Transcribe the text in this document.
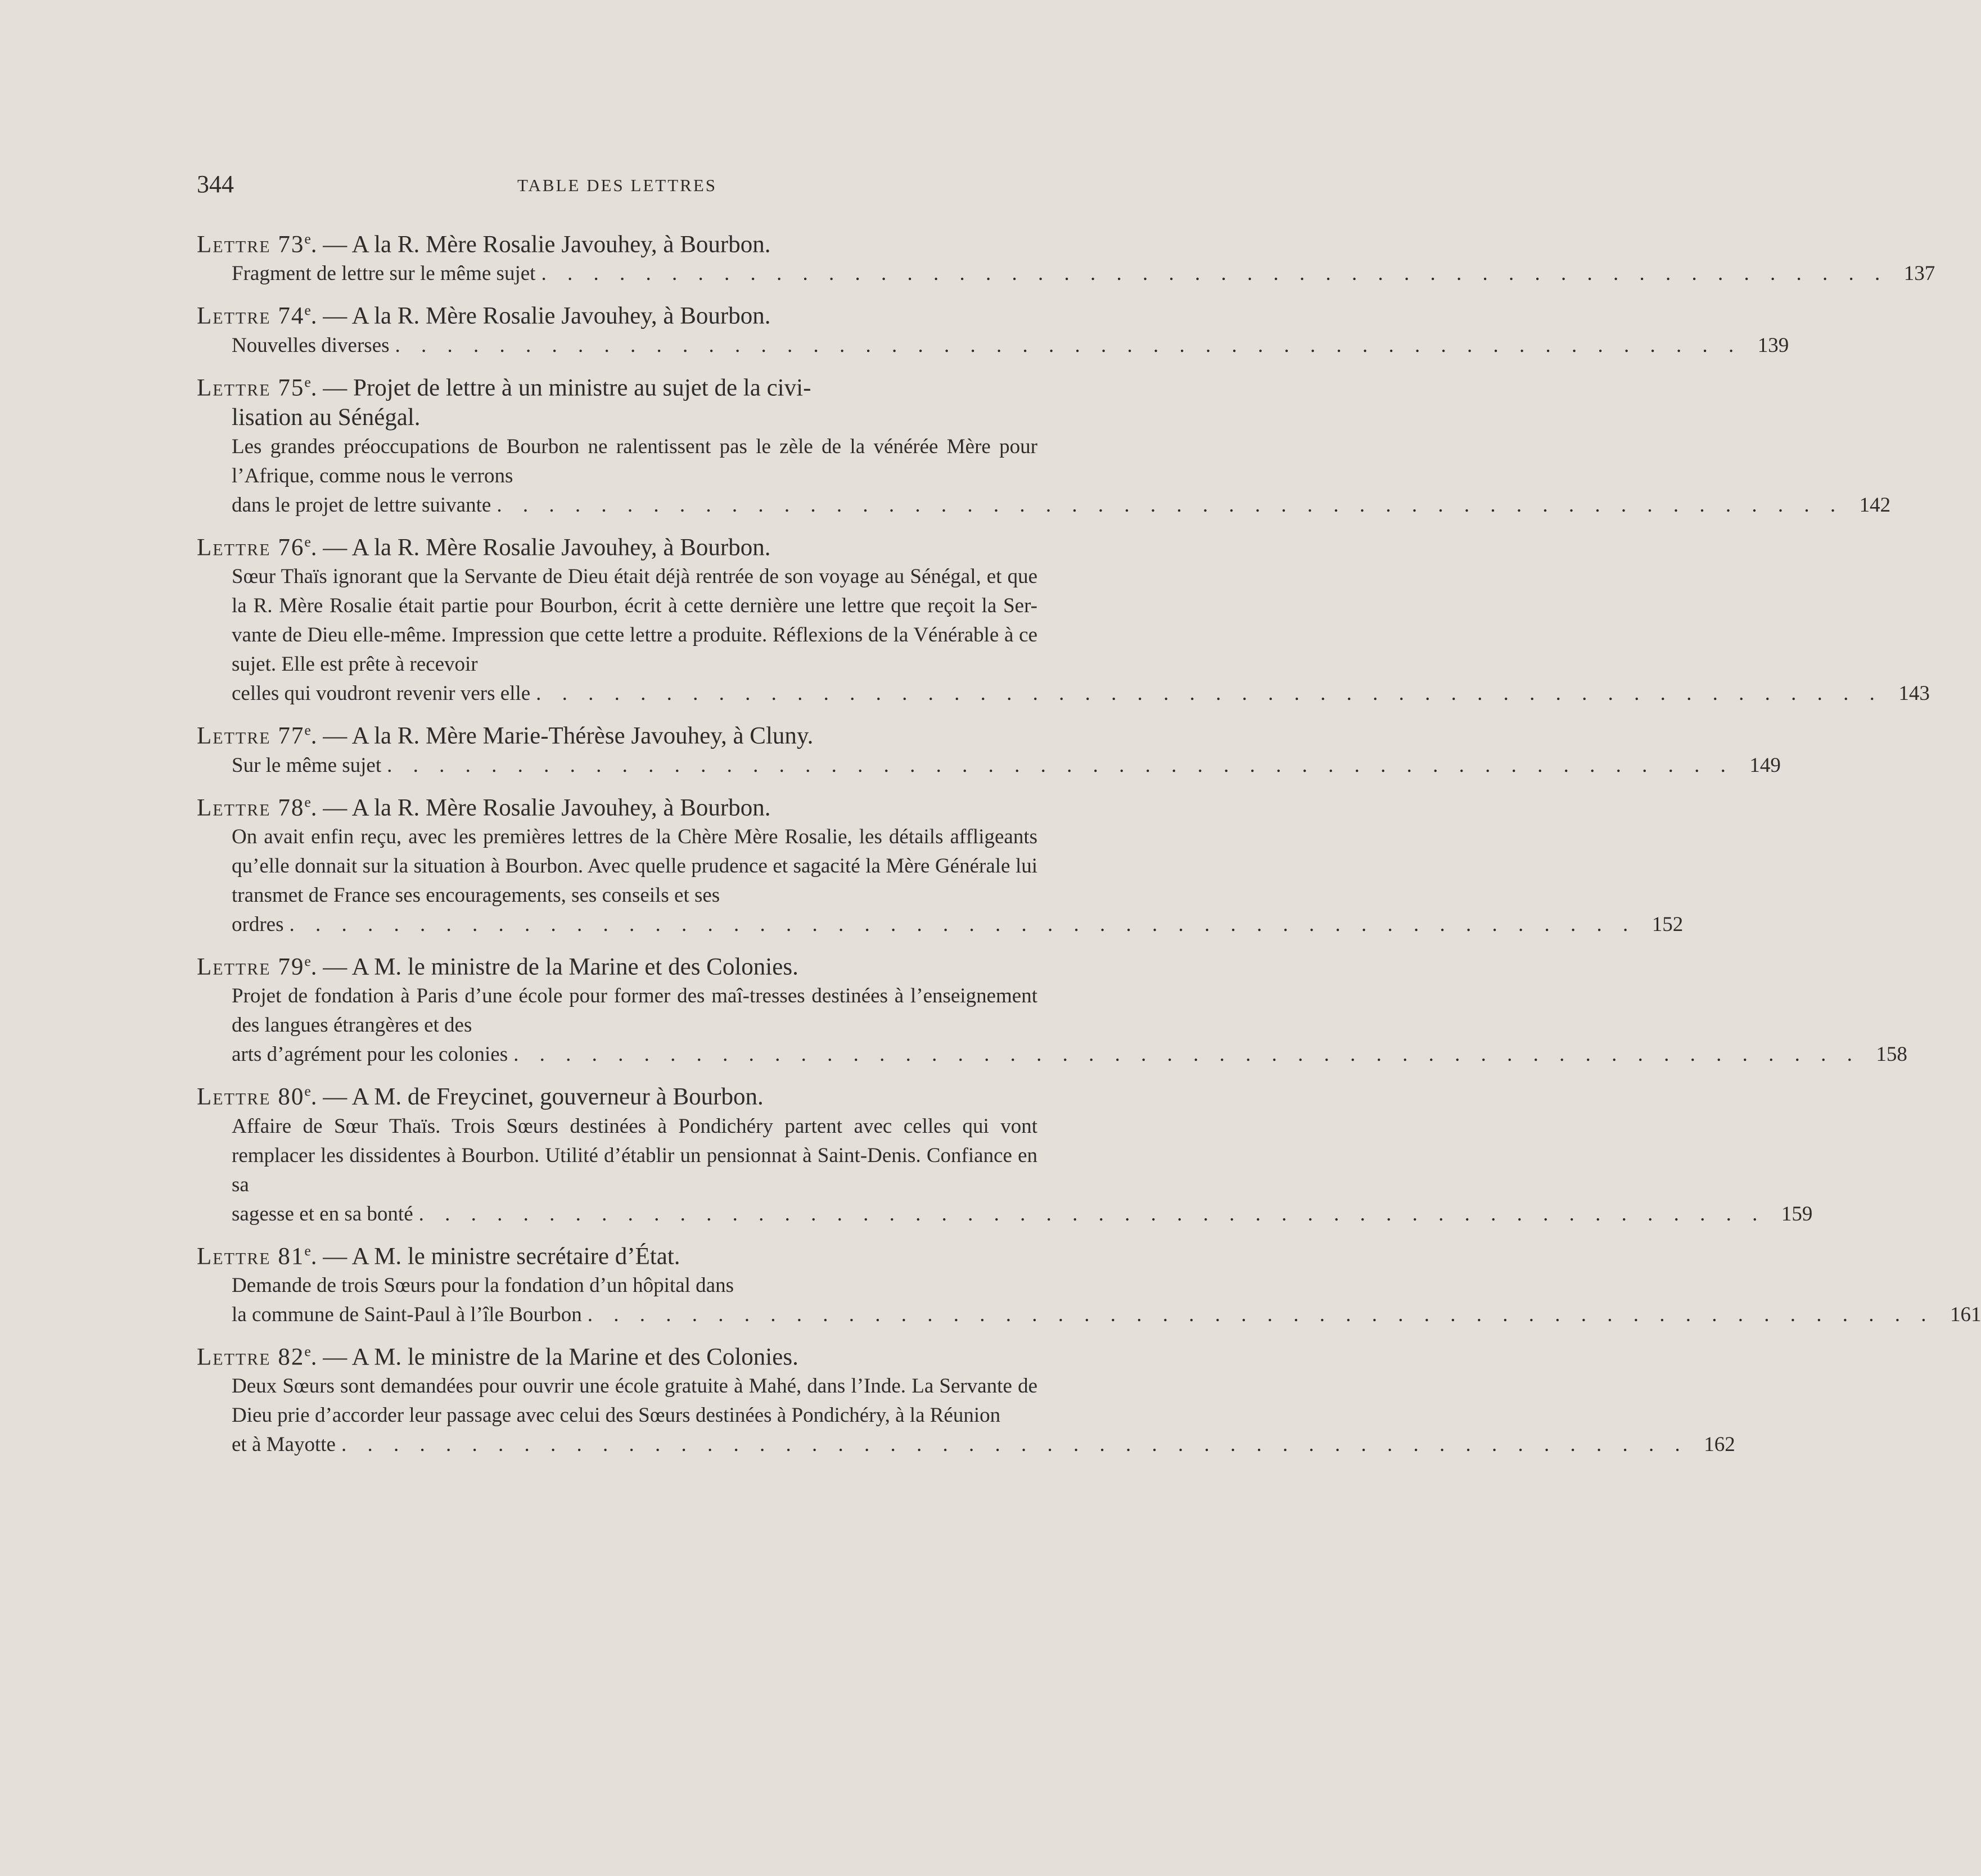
344	TABLE DES LETTRES

Lettre 73e. — A la R. Mère Rosalie Javouhey, à Bourbon.

Fragment de lettre sur le même sujet . . . . . . . . . . . . . . . . . . . . . . . . . . . . . . . . . . . . . . . . . . . . . . . . . . . . 137

Lettre 74e. — A la R. Mère Rosalie Javouhey, à Bourbon.

Nouvelles diverses . . . . . . . . . . . . . . . . . . . . . . . . . . . . . . . . . . . . . . . . . . . . . . . . . . . . 139

Lettre 75e. — Projet de lettre à un ministre au sujet de la civi-

lisation au Sénégal.

Les grandes préoccupations de Bourbon ne ralentissent pas le zèle de la vénérée Mère pour l’Afrique, comme nous le verrons

dans le projet de lettre suivante . . . . . . . . . . . . . . . . . . . . . . . . . . . . . . . . . . . . . . . . . . . . . . . . . . . . 142

Lettre 76e. — A la R. Mère Rosalie Javouhey, à Bourbon.

Sœur Thaïs ignorant que la Servante de Dieu était déjà rentrée de son voyage au Sénégal, et que la R. Mère Rosalie était partie pour Bourbon, écrit à cette dernière une lettre que reçoit la Ser-vante de Dieu elle-même. Impression que cette lettre a produite. Réflexions de la Vénérable à ce sujet. Elle est prête à recevoir

celles qui voudront revenir vers elle . . . . . . . . . . . . . . . . . . . . . . . . . . . . . . . . . . . . . . . . . . . . . . . . . . . . 143

Lettre 77e. — A la R. Mère Marie-Thérèse Javouhey, à Cluny.

Sur le même sujet . . . . . . . . . . . . . . . . . . . . . . . . . . . . . . . . . . . . . . . . . . . . . . . . . . . . 149

Lettre 78e. — A la R. Mère Rosalie Javouhey, à Bourbon.

On avait enfin reçu, avec les premières lettres de la Chère Mère Rosalie, les détails affligeants qu’elle donnait sur la situation à Bourbon. Avec quelle prudence et sagacité la Mère Générale lui transmet de France ses encouragements, ses conseils et ses

ordres . . . . . . . . . . . . . . . . . . . . . . . . . . . . . . . . . . . . . . . . . . . . . . . . . . . . 152

Lettre 79e. — A M. le ministre de la Marine et des Colonies.

Projet de fondation à Paris d’une école pour former des maî-tresses destinées à l’enseignement des langues étrangères et des

arts d’agrément pour les colonies . . . . . . . . . . . . . . . . . . . . . . . . . . . . . . . . . . . . . . . . . . . . . . . . . . . . 158

Lettre 80e. — A M. de Freycinet, gouverneur à Bourbon.

Affaire de Sœur Thaïs. Trois Sœurs destinées à Pondichéry partent avec celles qui vont remplacer les dissidentes à Bourbon. Utilité d’établir un pensionnat à Saint-Denis. Confiance en sa

sagesse et en sa bonté . . . . . . . . . . . . . . . . . . . . . . . . . . . . . . . . . . . . . . . . . . . . . . . . . . . . 159

Lettre 81e. — A M. le ministre secrétaire d’État.

Demande de trois Sœurs pour la fondation d’un hôpital dans

la commune de Saint-Paul à l’île Bourbon . . . . . . . . . . . . . . . . . . . . . . . . . . . . . . . . . . . . . . . . . . . . . . . . . . . . 161

Lettre 82e. — A M. le ministre de la Marine et des Colonies.

Deux Sœurs sont demandées pour ouvrir une école gratuite à Mahé, dans l’Inde. La Servante de Dieu prie d’accorder leur passage avec celui des Sœurs destinées à Pondichéry, à la Réunion

et à Mayotte . . . . . . . . . . . . . . . . . . . . . . . . . . . . . . . . . . . . . . . . . . . . . . . . . . . . 162
